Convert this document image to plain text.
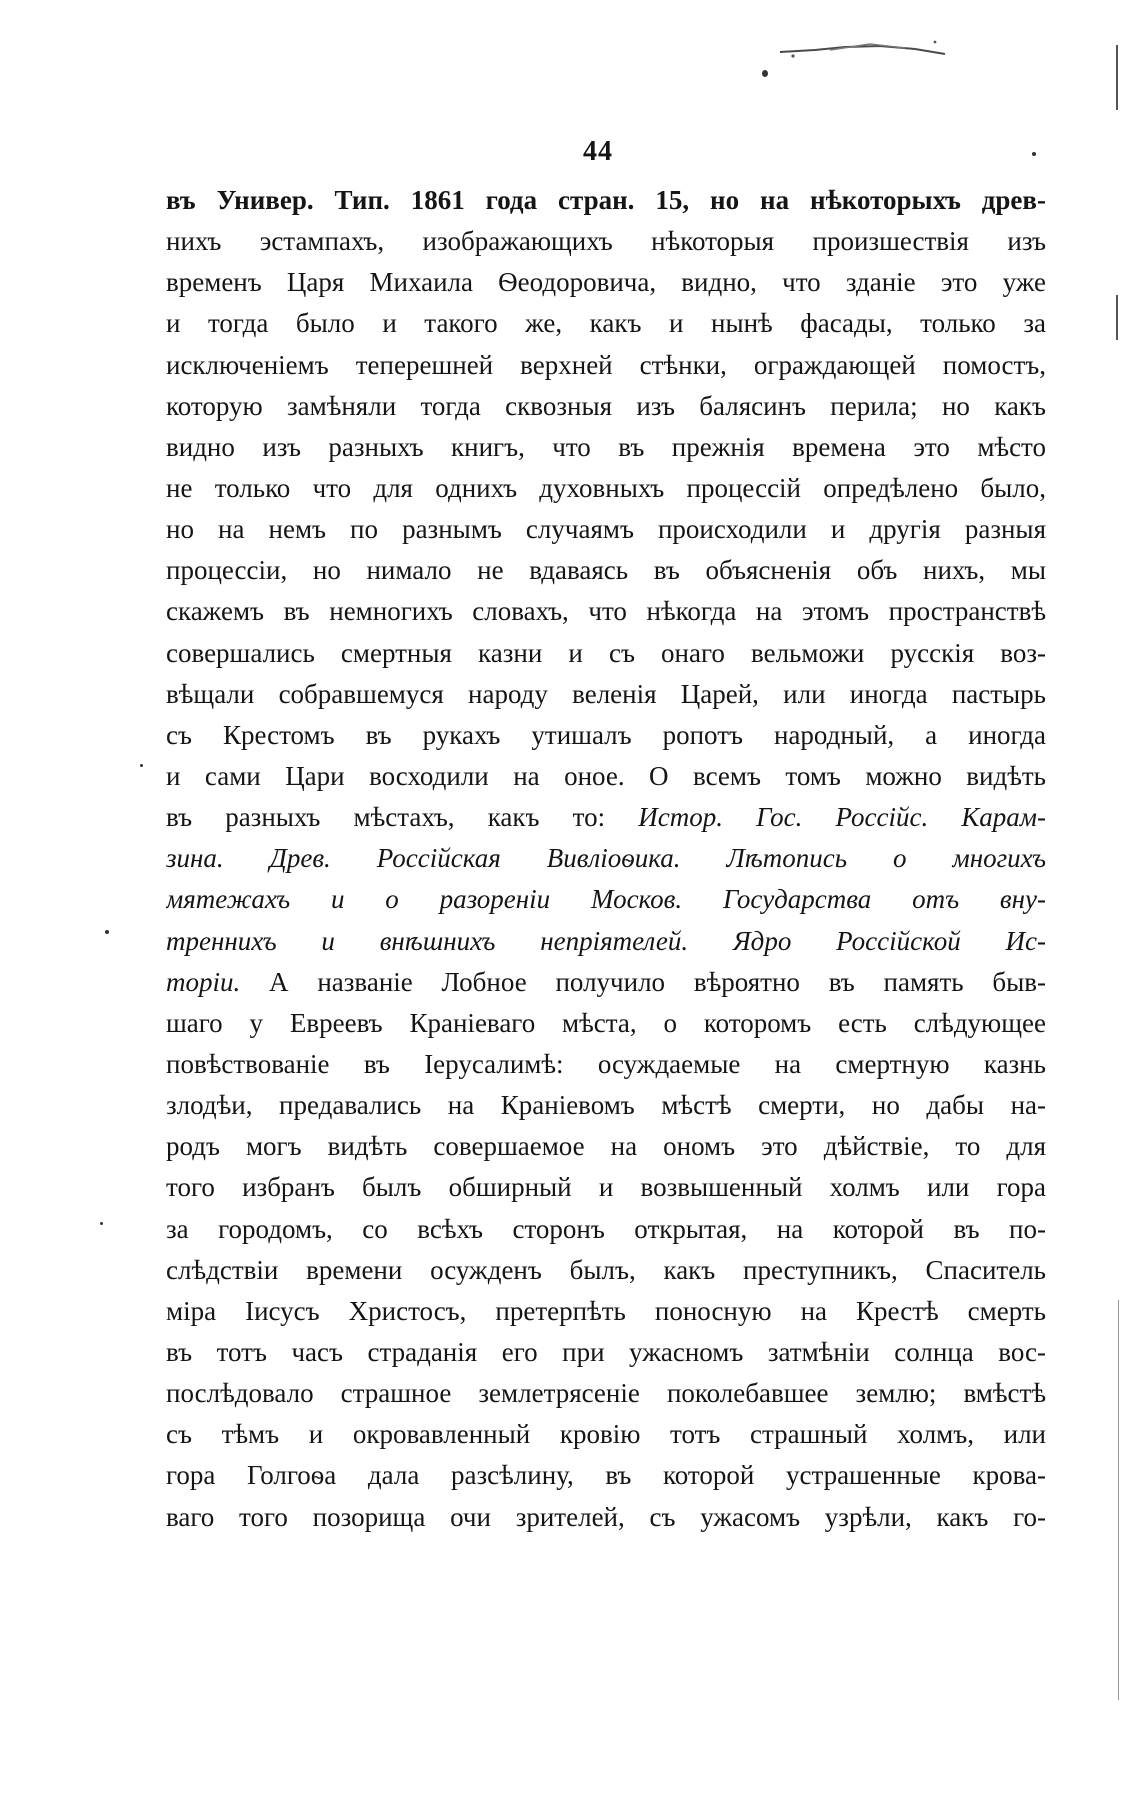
44
въ Универ. Тип. 1861 года стран. 15, но на нѣкоторыхъ древ-
нихъ эстампахъ, изображающихъ нѣкоторыя произшествія изъ
временъ Царя Михаила Ѳеодоровича, видно, что зданіе это уже
и тогда было и такого же, какъ и нынѣ фасады, только за
исключеніемъ теперешней верхней стѣнки, ограждающей помостъ,
которую замѣняли тогда сквозныя изъ балясинъ перила; но какъ
видно изъ разныхъ книгъ, что въ прежнія времена это мѣсто
не только что для однихъ духовныхъ процессій опредѣлено было,
но на немъ по разнымъ случаямъ происходили и другія разныя
процессіи, но нимало не вдаваясь въ объясненія объ нихъ, мы
скажемъ въ немногихъ словахъ, что нѣкогда на этомъ пространствѣ
совершались смертныя казни и съ онаго вельможи русскія воз-
вѣщали собравшемуся народу веленія Царей, или иногда пастырь
съ Крестомъ въ рукахъ утишалъ ропотъ народный, а иногда
и сами Цари восходили на оное. О всемъ томъ можно видѣть
въ разныхъ мѣстахъ, какъ то: Истор. Гос. Россійс. Карам-
зина. Древ. Россійская Вивліоѳика. Лѣтопись о многихъ
мятежахъ и о разореніи Москов. Государства отъ вну-
треннихъ и внѣшнихъ непріятелей. Ядро Россійской Ис-
торіи. А названіе Лобное получило вѣроятно въ память быв-
шаго у Евреевъ Краніеваго мѣста, о которомъ есть слѣдующее
повѣствованіе въ Іерусалимѣ: осуждаемые на смертную казнь
злодѣи, предавались на Краніевомъ мѣстѣ смерти, но дабы на-
родъ могъ видѣть совершаемое на ономъ это дѣйствіе, то для
того избранъ былъ обширный и возвышенный холмъ или гора
за городомъ, со всѣхъ сторонъ открытая, на которой въ по-
слѣдствіи времени осужденъ былъ, какъ преступникъ, Спаситель
міра Іисусъ Христосъ, претерпѣть поносную на Крестѣ смерть
въ тотъ часъ страданія его при ужасномъ затмѣніи солнца вос-
послѣдовало страшное землетрясеніе поколебавшее землю; вмѣстѣ
съ тѣмъ и окровавленный кровію тотъ страшный холмъ, или
гора Голгоѳа дала разсѣлину, въ которой устрашенные крова-
ваго того позорища очи зрителей, съ ужасомъ узрѣли, какъ го-
